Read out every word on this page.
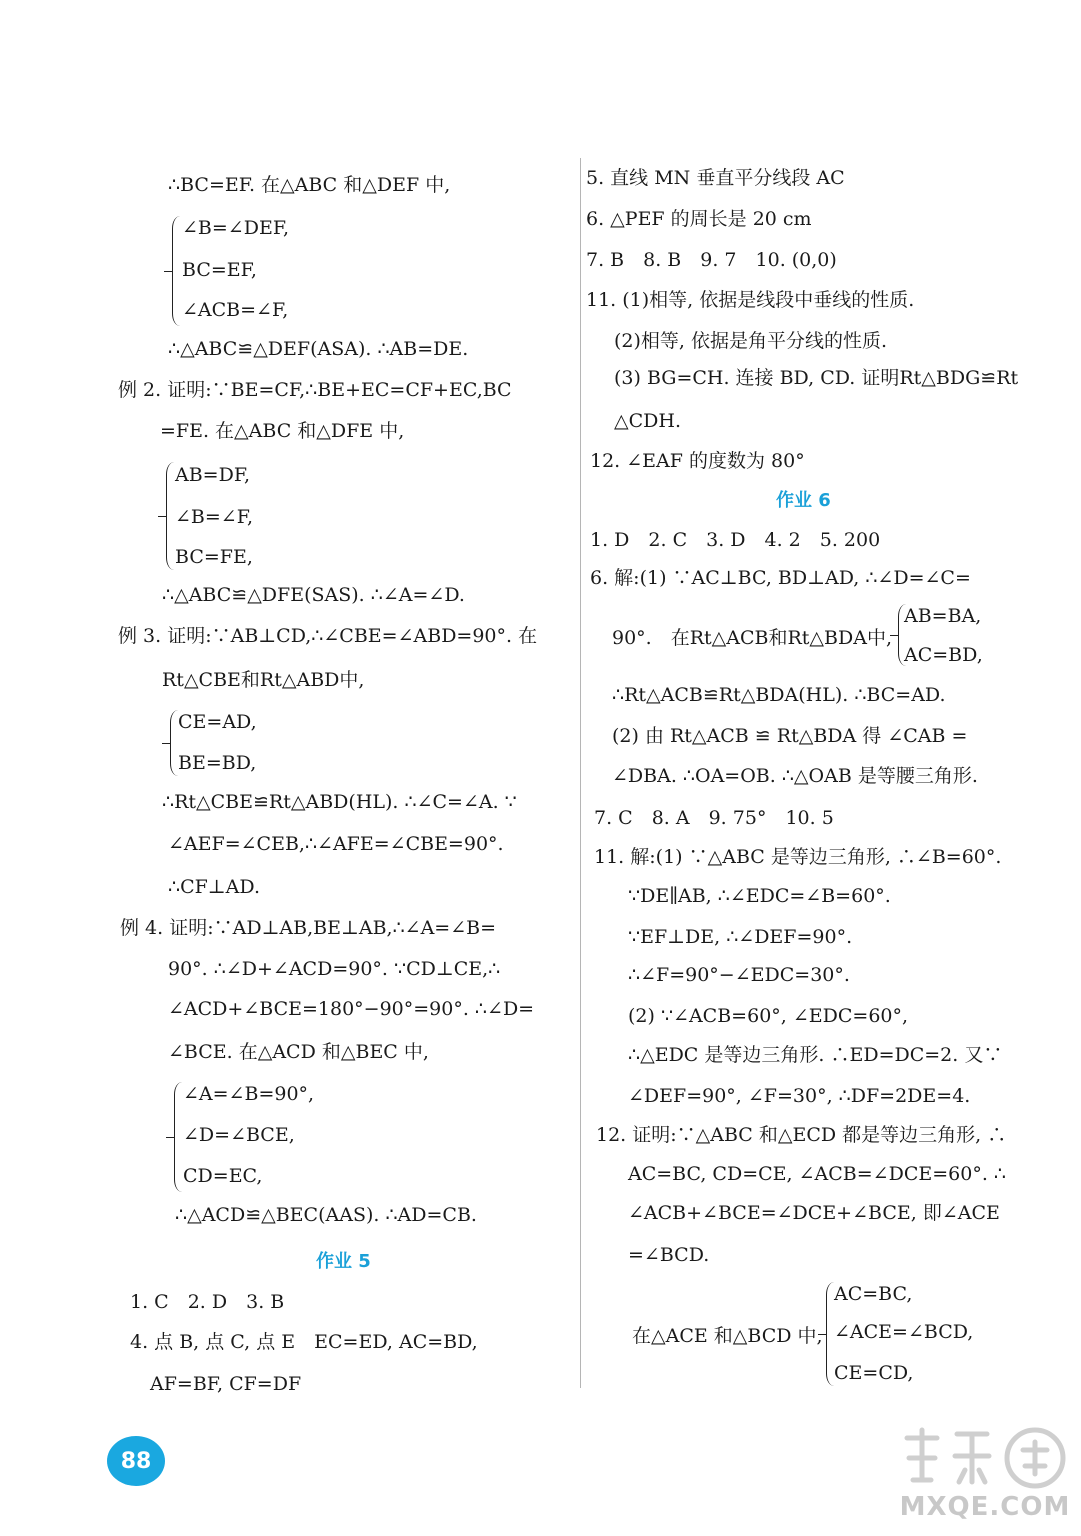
∴BC=EF. 在△ABC 和△DEF 中,
∠B=∠DEF,
BC=EF,
∠ACB=∠F,
∴△ABC≌△DEF(ASA). ∴AB=DE.
例 2. 证明:∵BE=CF,∴BE+EC=CF+EC,BC
=FE. 在△ABC 和△DFE 中,
AB=DF,
∠B=∠F,
BC=FE,
∴△ABC≌△DFE(SAS). ∴∠A=∠D.
例 3. 证明:∵AB⊥CD,∴∠CBE=∠ABD=90°. 在
Rt△CBE和Rt△ABD中,
CE=AD,
BE=BD,
∴Rt△CBE≌Rt△ABD(HL). ∴∠C=∠A. ∵
∠AEF=∠CEB,∴∠AFE=∠CBE=90°.
∴CF⊥AD.
例 4. 证明:∵AD⊥AB,BE⊥AB,∴∠A=∠B=
90°. ∴∠D+∠ACD=90°. ∵CD⊥CE,∴
∠ACD+∠BCE=180°−90°=90°. ∴∠D=
∠BCE. 在△ACD 和△BEC 中,
∠A=∠B=90°,
∠D=∠BCE,
CD=EC,
∴△ACD≌△BEC(AAS). ∴AD=CB.
作业 5
1. C　2. D　3. B
4. 点 B, 点 C, 点 E　EC=ED, AC=BD,
AF=BF, CF=DF
5. 直线 MN 垂直平分线段 AC
6. △PEF 的周长是 20 cm
7. B　8. B　9. 7　10. (0,0)
11. (1)相等, 依据是线段中垂线的性质.
(2)相等, 依据是角平分线的性质.
(3) BG=CH. 连接 BD, CD. 证明Rt△BDG≌Rt
△CDH.
12. ∠EAF 的度数为 80°
作业 6
1. D　2. C　3. D　4. 2　5. 200
6. 解:(1) ∵AC⊥BC, BD⊥AD, ∴∠D=∠C=
90°.　在Rt△ACB和Rt△BDA中,
AB=BA,
AC=BD,
∴Rt△ACB≌Rt△BDA(HL). ∴BC=AD.
(2) 由 Rt△ACB ≌ Rt△BDA 得 ∠CAB =
∠DBA. ∴OA=OB. ∴△OAB 是等腰三角形.
7. C　8. A　9. 75°　10. 5
11. 解:(1) ∵△ABC 是等边三角形, ∴∠B=60°.
∵DE∥AB, ∴∠EDC=∠B=60°.
∵EF⊥DE, ∴∠DEF=90°.
∴∠F=90°−∠EDC=30°.
(2) ∵∠ACB=60°, ∠EDC=60°,
∴△EDC 是等边三角形. ∴ED=DC=2. 又∵
∠DEF=90°, ∠F=30°, ∴DF=2DE=4.
12. 证明:∵△ABC 和△ECD 都是等边三角形, ∴
AC=BC, CD=CE, ∠ACB=∠DCE=60°. ∴
∠ACB+∠BCE=∠DCE+∠BCE, 即∠ACE
=∠BCD.
在△ACE 和△BCD 中,
AC=BC,
∠ACE=∠BCD,
CE=CD,
88
MXQE.COM
